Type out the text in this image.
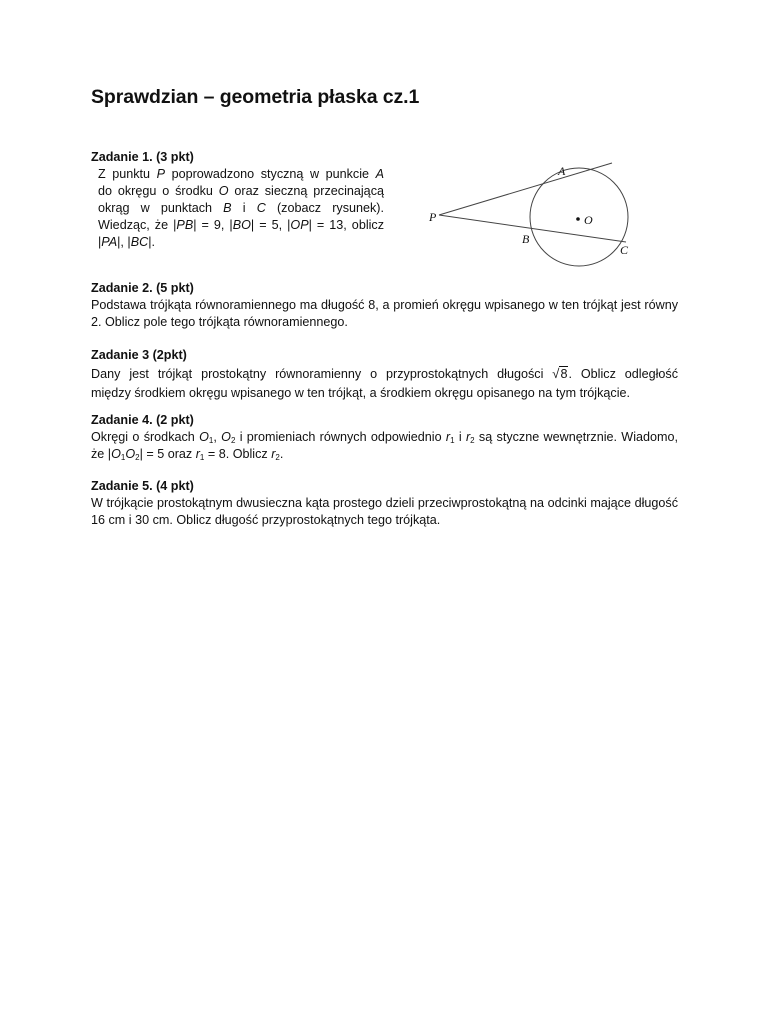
Sprawdzian – geometria płaska cz.1
Zadanie 1. (3 pkt)
Z punktu P poprowadzono styczną w punkcie A
do okręgu o środku O oraz sieczną przecinającą
okrąg w punktach B i C (zobacz rysunek).
Wiedząc, że |PB| = 9, |BO| = 5, |OP| = 13, oblicz
|PA|, |BC|.
A
P	O
B
C
Zadanie 2. (5 pkt)

Podstawa trójkąta równoramiennego ma długość 8, a promień okręgu wpisanego w ten trójkąt jest równy 2. Oblicz pole tego trójkąta równoramiennego.

Zadanie 3 (2pkt)

Dany jest trójkąt prostokątny równoramienny o przyprostokątnych długości √8. Oblicz odległość
między środkiem okręgu wpisanego w ten trójkąt, a środkiem okręgu opisanego na tym trójkącie.

Zadanie 4. (2 pkt)

Okręgi o środkach $O_1$, $O_2$ i promieniach równych odpowiednio $r_1$ i $r_2$ są styczne wewnętrznie. Wiadomo,
że $|O_1O_2| = 5$ oraz $r_1 = 8$. Oblicz $r_2$.

Zadanie 5. (4 pkt)

W trójkącie prostokątnym dwusieczna kąta prostego dzieli przeciwprostokątną na odcinki mające długość 16 cm i 30 cm. Oblicz długość przyprostokątnych tego trójkąta.
